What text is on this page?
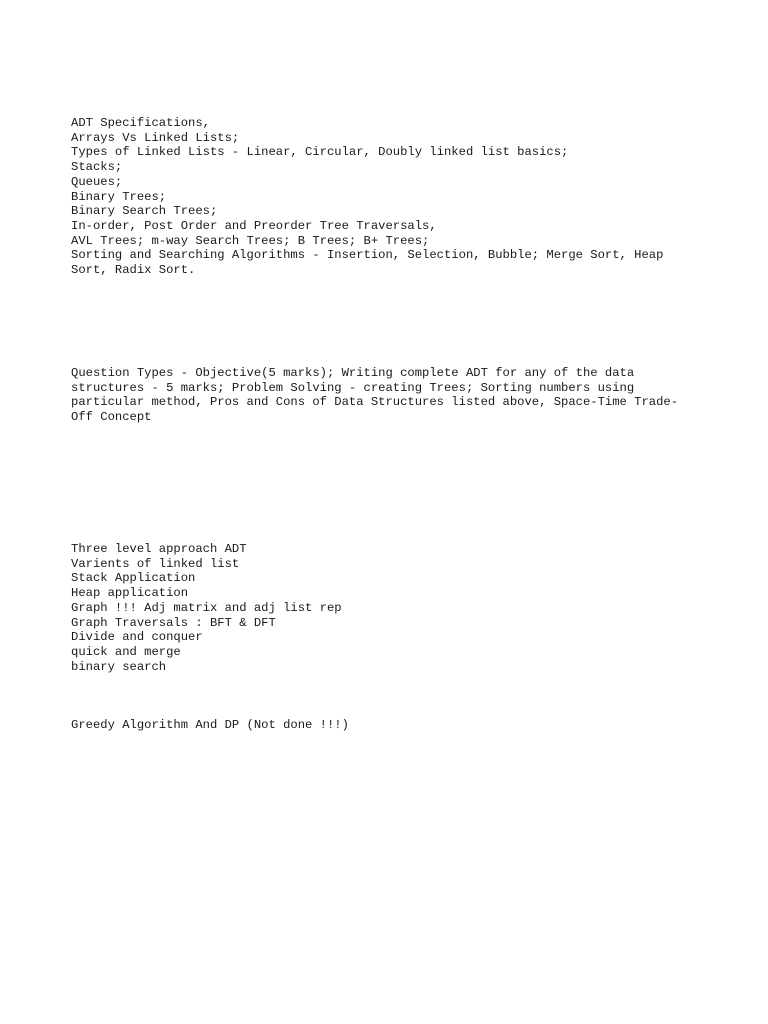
ADT Specifications,
Arrays Vs Linked Lists;
Types of Linked Lists - Linear, Circular, Doubly linked list basics;
Stacks;
Queues;
Binary Trees;
Binary Search Trees;
In-order, Post Order and Preorder Tree Traversals,
AVL Trees; m-way Search Trees; B Trees; B+ Trees;
Sorting and Searching Algorithms - Insertion, Selection, Bubble; Merge Sort, Heap
Sort, Radix Sort.
Question Types - Objective(5 marks); Writing complete ADT for any of the data
structures - 5 marks; Problem Solving - creating Trees; Sorting numbers using
particular method, Pros and Cons of Data Structures listed above, Space-Time Trade-
Off Concept
Three level approach ADT
Varients of linked list
Stack Application
Heap application
Graph !!! Adj matrix and adj list rep
Graph Traversals : BFT & DFT
Divide and conquer
quick and merge
binary search
Greedy Algorithm And DP (Not done !!!)
